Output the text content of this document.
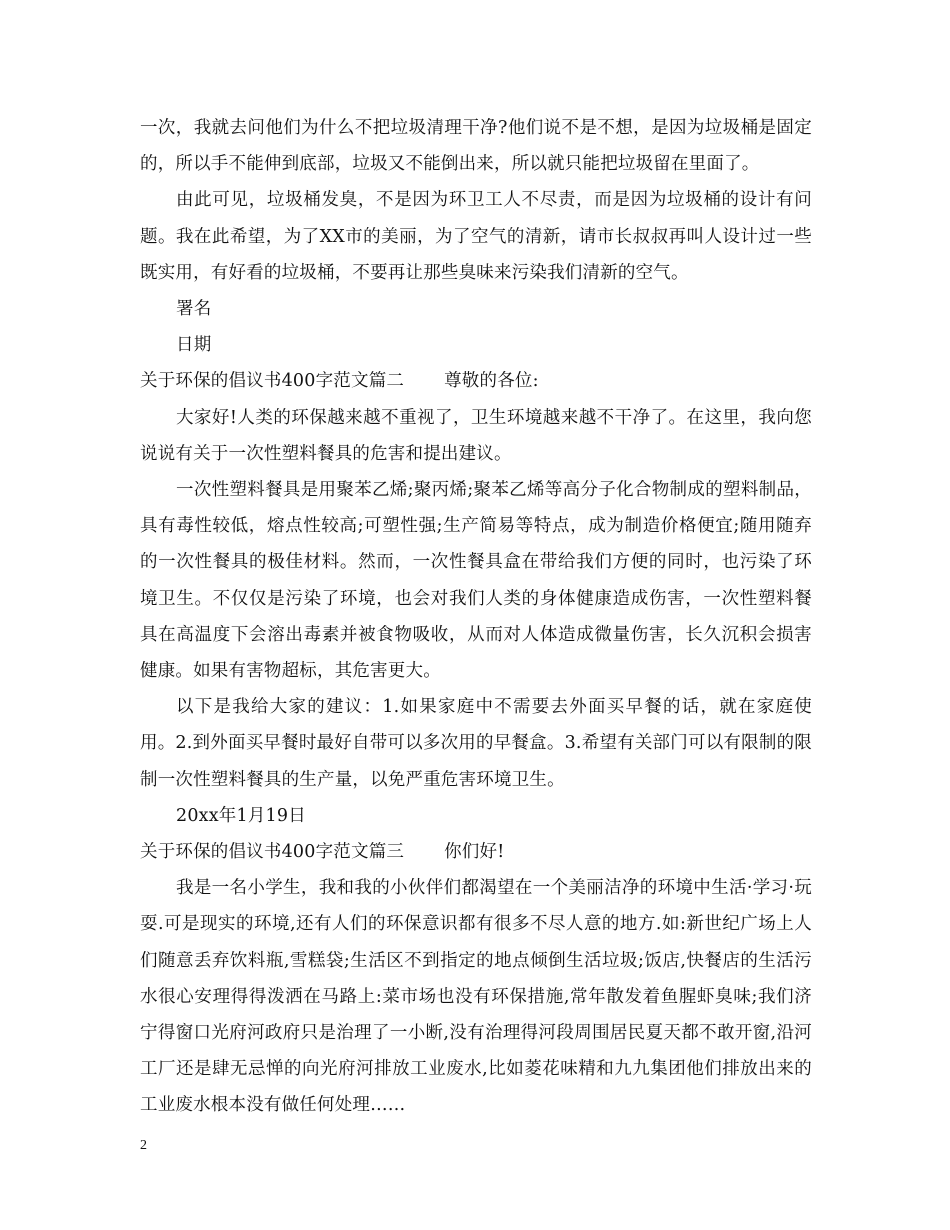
一次，我就去问他们为什么不把垃圾清理干净?他们说不是不想，是因为垃圾桶是固定的，所以手不能伸到底部，垃圾又不能倒出来，所以就只能把垃圾留在里面了。

由此可见，垃圾桶发臭，不是因为环卫工人不尽责，而是因为垃圾桶的设计有问题。我在此希望，为了XX市的美丽，为了空气的清新，请市长叔叔再叫人设计过一些既实用，有好看的垃圾桶，不要再让那些臭味来污染我们清新的空气。

署名

日期

关于环保的倡议书400字范文篇二 尊敬的各位:

大家好!人类的环保越来越不重视了，卫生环境越来越不干净了。在这里，我向您说说有关于一次性塑料餐具的危害和提出建议。

一次性塑料餐具是用聚苯乙烯;聚丙烯;聚苯乙烯等高分子化合物制成的塑料制品，具有毒性较低，熔点性较高;可塑性强;生产简易等特点，成为制造价格便宜;随用随弃的一次性餐具的极佳材料。然而，一次性餐具盒在带给我们方便的同时，也污染了环境卫生。不仅仅是污染了环境，也会对我们人类的身体健康造成伤害，一次性塑料餐具在高温度下会溶出毒素并被食物吸收，从而对人体造成微量伤害，长久沉积会损害健康。如果有害物超标，其危害更大。

以下是我给大家的建议：1.如果家庭中不需要去外面买早餐的话，就在家庭使用。2.到外面买早餐时最好自带可以多次用的早餐盒。3.希望有关部门可以有限制的限制一次性塑料餐具的生产量，以免严重危害环境卫生。

20xx年1月19日

关于环保的倡议书400字范文篇三 你们好!

我是一名小学生，我和我的小伙伴们都渴望在一个美丽洁净的环境中生活·学习·玩耍.可是现实的环境,还有人们的环保意识都有很多不尽人意的地方.如:新世纪广场上人们随意丢弃饮料瓶,雪糕袋;生活区不到指定的地点倾倒生活垃圾;饭店,快餐店的生活污水很心安理得得泼洒在马路上:菜市场也没有环保措施,常年散发着鱼腥虾臭味;我们济宁得窗口光府河政府只是治理了一小断,没有治理得河段周围居民夏天都不敢开窗,沿河工厂还是肆无忌惮的向光府河排放工业废水,比如菱花味精和九九集团他们排放出来的工业废水根本没有做任何处理……

2
